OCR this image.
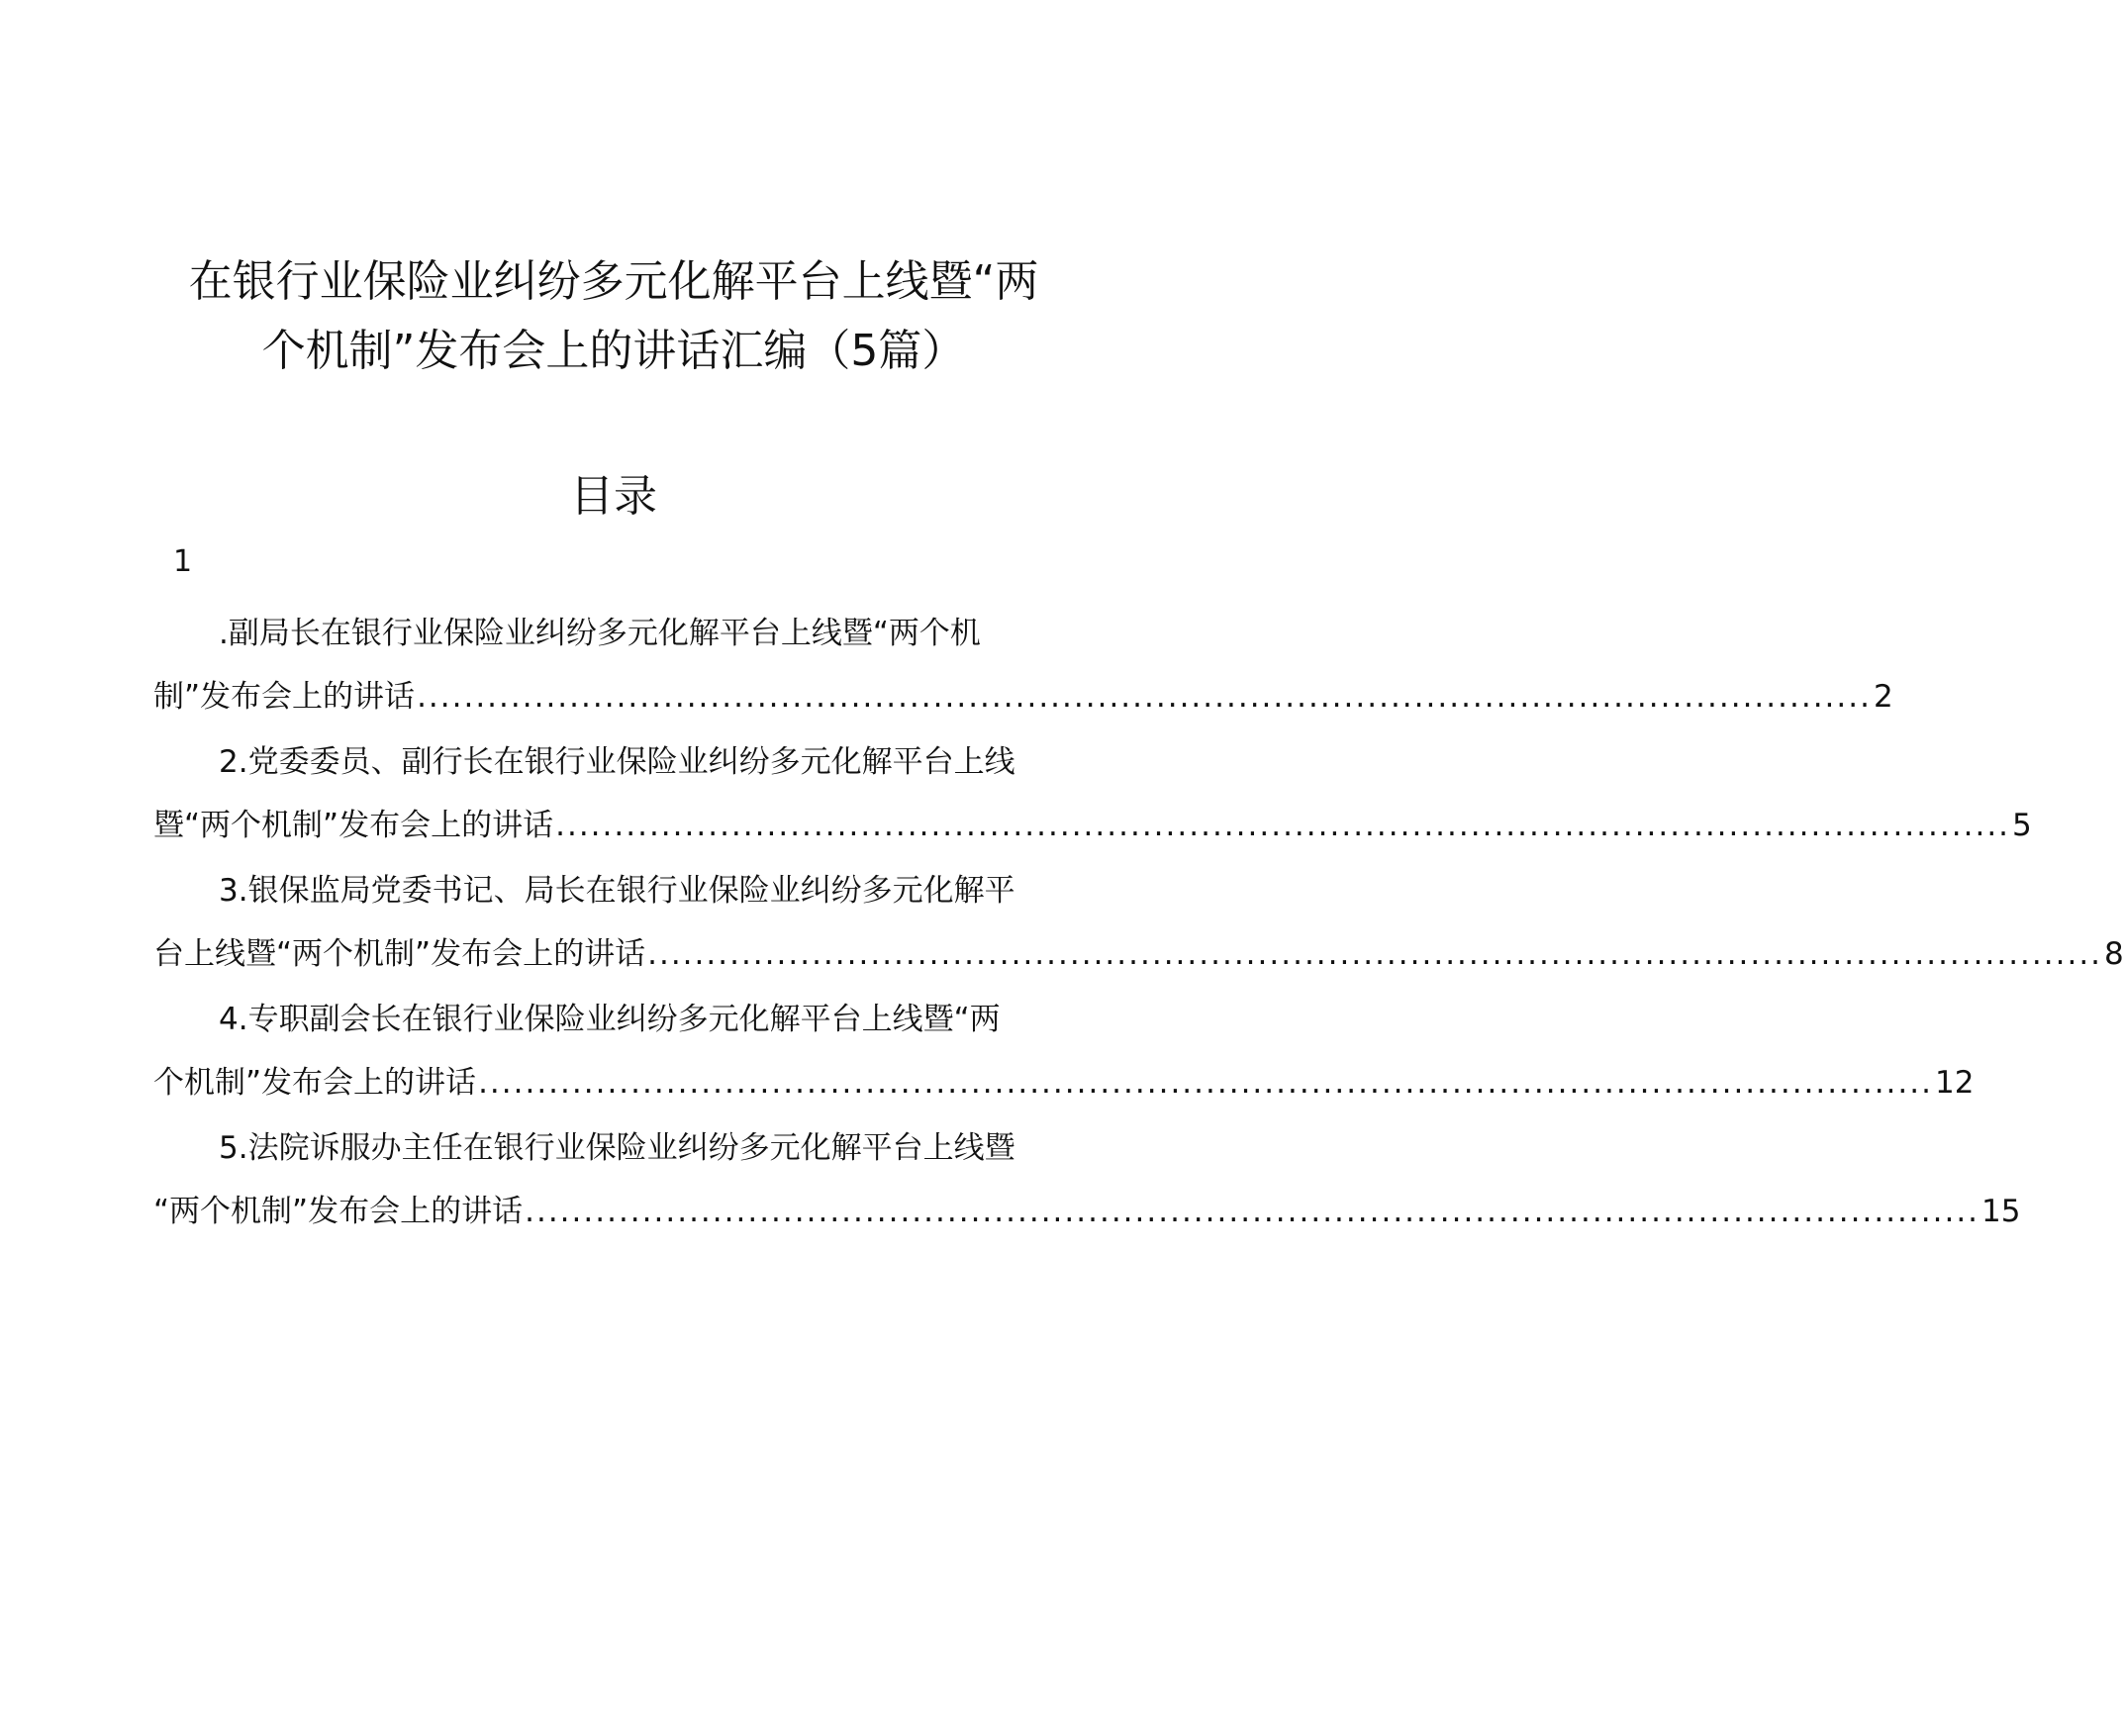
在银行业保险业纠纷多元化解平台上线暨“两
个机制”发布会上的讲话汇编（5篇）
目录
1
.副局长在银行业保险业纠纷多元化解平台上线暨“两个机
制”发布会上的讲话 ............................................................................................................................ 2
2.党委委员、副行长在银行业保险业纠纷多元化解平台上线
暨“两个机制”发布会上的讲话 ............................................................................................................................ 5
3.银保监局党委书记、局长在银行业保险业纠纷多元化解平
台上线暨“两个机制”发布会上的讲话 ............................................................................................................................ 8
4.专职副会长在银行业保险业纠纷多元化解平台上线暨“两
个机制”发布会上的讲话 ............................................................................................................................ 12
5.法院诉服办主任在银行业保险业纠纷多元化解平台上线暨
“两个机制”发布会上的讲话 ............................................................................................................................ 15
